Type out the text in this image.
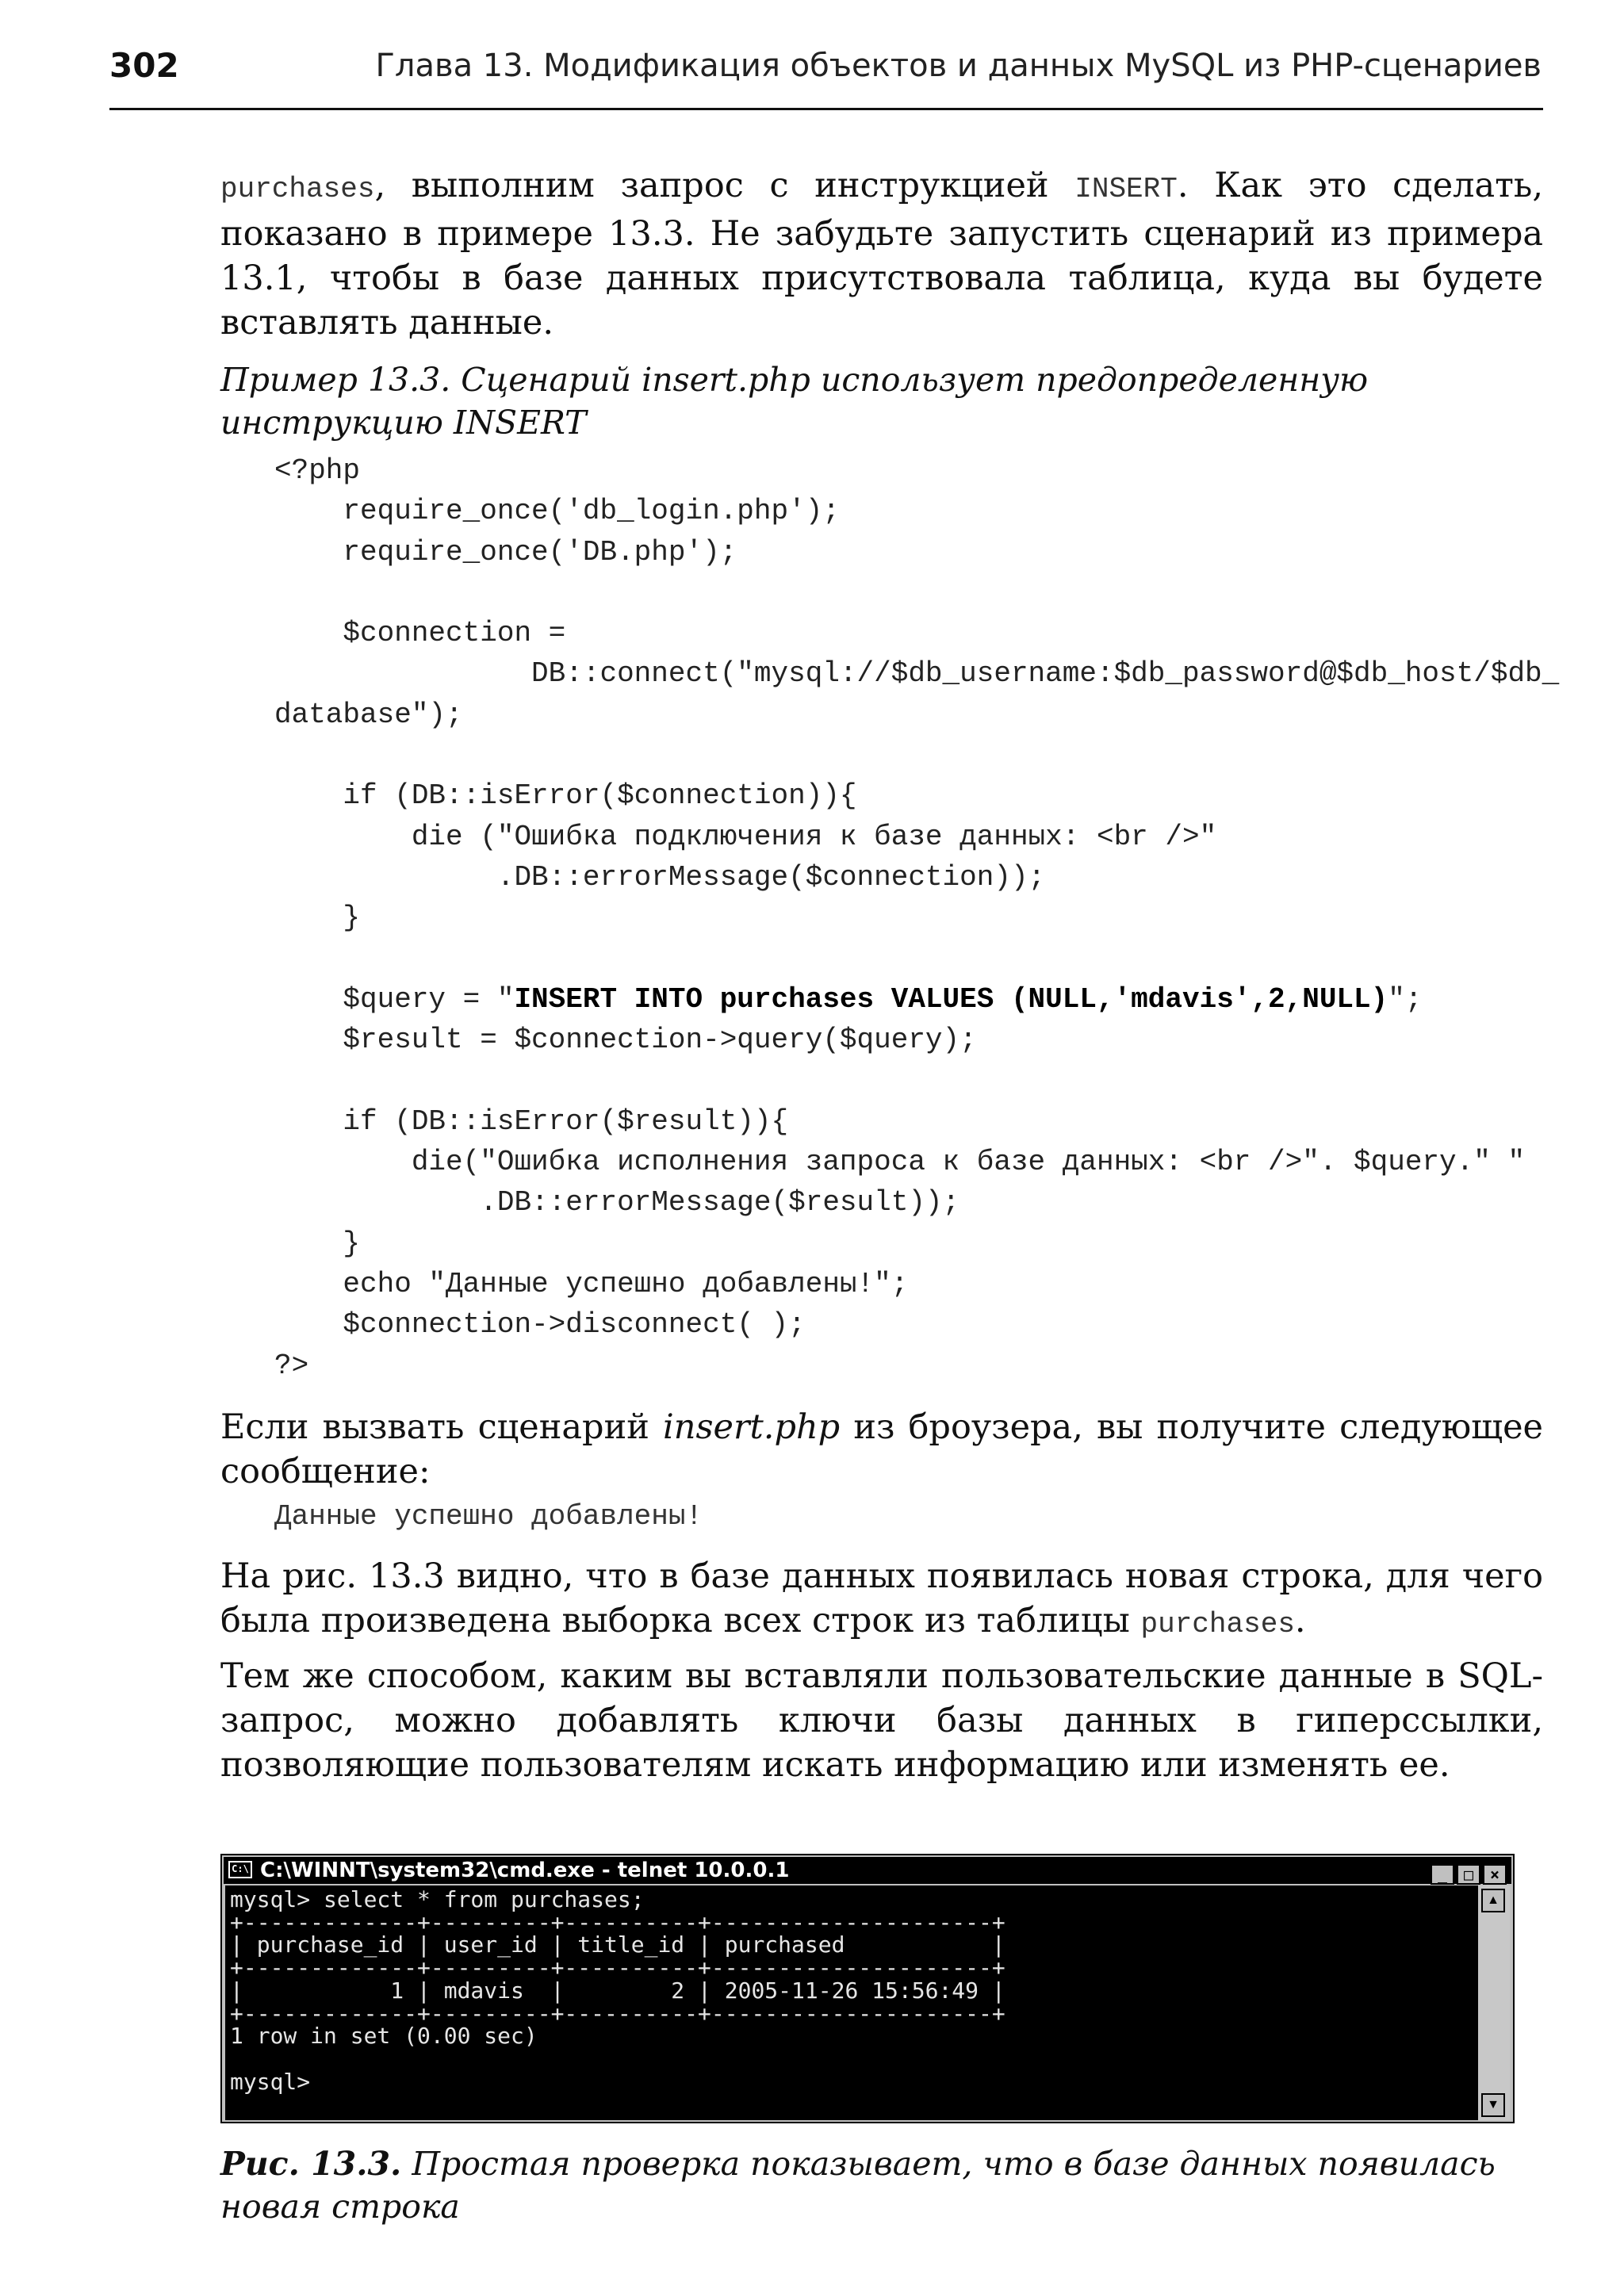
302	Глава 13. Модификация объектов и данных MySQL из PHP-сценариев
purchases, выполним запрос с инструкцией INSERT. Как это сделать, показано в примере 13.3. Не забудьте запустить сценарий из примера 13.1, чтобы в базе данных присутствовала таблица, куда вы будете вставлять данные.
Пример 13.3. Сценарий insert.php использует предопределенную инструкцию INSERT
<?php
require_once('db_login.php');
require_once('DB.php');

$connection =
DB::connect("mysql://$db_username:$db_password@$db_host/$db_
database");

if (DB::isError($connection)){
die ("Ошибка подключения к базе данных: <br />"
.DB::errorMessage($connection));
}

$query = "INSERT INTO purchases VALUES (NULL,'mdavis',2,NULL)";
$result = $connection->query($query);

if (DB::isError($result)){
die("Ошибка исполнения запроса к базе данных: <br />". $query." "
.DB::errorMessage($result));
}
echo "Данные успешно добавлены!";
$connection->disconnect( );
?>
Если вызвать сценарий insert.php из броузера, вы получите следующее сообщение:
Данные успешно добавлены!
На рис. 13.3 видно, что в базе данных появилась новая строка, для чего была произведена выборка всех строк из таблицы purchases.
Тем же способом, каким вы вставляли пользовательские данные в SQL-запрос, можно добавлять ключи базы данных в гиперссылки, позволяющие пользователям искать информацию или изменять ее.
C:\ C:\WINNT\system32\cmd.exe - telnet 10.0.0.1	_ □ ×
mysql> select * from purchases;
+-------------+---------+----------+---------------------+
| purchase_id | user_id | title_id | purchased           |
+-------------+---------+----------+---------------------+
|           1 | mdavis  |        2 | 2005-11-26 15:56:49 |
+-------------+---------+----------+---------------------+
1 row in set (0.00 sec)

mysql>
▲
▼
Рис. 13.3. Простая проверка показывает, что в базе данных появилась новая строка
